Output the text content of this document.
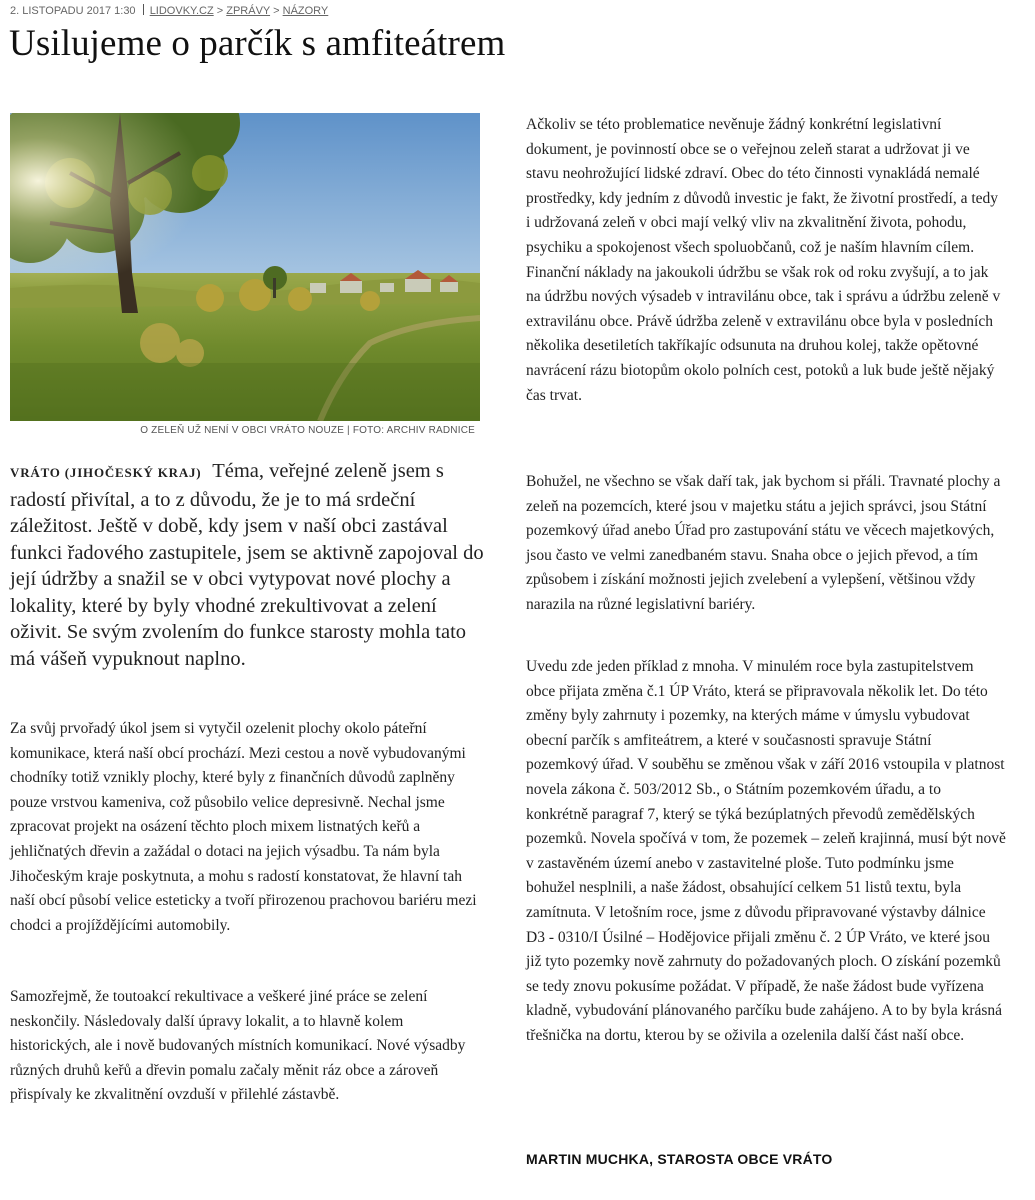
2. LISTOPADU 2017 1:30 LIDOVKY.CZ > ZPRÁVY > NÁZORY
Usilujeme o parčík s amfiteátrem
O ZELEŇ UŽ NENÍ V OBCI VRÁTO NOUZE | FOTO: ARCHIV RADNICE
VRÁTO (JIHOČESKÝ KRAJ) Téma, veřejné zeleně jsem s radostí přivítal, a to z důvodu, že je to má srdeční záležitost. Ještě v době, kdy jsem v naší obci zastával funkci řadového zastupitele, jsem se aktivně zapojoval do její údržby a snažil se v obci vytypovat nové plochy a lokality, které by byly vhodné zrekultivovat a zelení oživit. Se svým zvolením do funkce starosty mohla tato má vášeň vypuknout naplno.

Za svůj prvořadý úkol jsem si vytyčil ozelenit plochy okolo páteřní komunikace, která naší obcí prochází. Mezi cestou a nově vybudovanými chodníky totiž vznikly plochy, které byly z finančních důvodů zaplněny pouze vrstvou kameniva, což působilo velice depresivně. Nechal jsme zpracovat projekt na osázení těchto ploch mixem listnatých keřů a jehličnatých dřevin a zažádal o dotaci na jejich výsadbu. Ta nám byla Jihočeským kraje poskytnuta, a mohu s radostí konstatovat, že hlavní tah naší obcí působí velice esteticky a tvoří přirozenou prachovou bariéru mezi chodci a projíždějícími automobily.

Samozřejmě, že toutoakcí rekultivace a veškeré jiné práce se zelení neskončily. Následovaly další úpravy lokalit, a to hlavně kolem historických, ale i nově budovaných místních komunikací. Nové výsadby různých druhů keřů a dřevin pomalu začaly měnit ráz obce a zároveň přispívaly ke zkvalitnění ovzduší v přilehlé zástavbě.

Ačkoliv se této problematice nevěnuje žádný konkrétní legislativní dokument, je povinností obce se o veřejnou zeleň starat a udržovat ji ve stavu neohrožující lidské zdraví. Obec do této činnosti vynakládá nemalé prostředky, kdy jedním z důvodů investic je fakt, že životní prostředí, a tedy i udržovaná zeleň v obci mají velký vliv na zkvalitnění života, pohodu, psychiku a spokojenost všech spoluobčanů, což je naším hlavním cílem. Finanční náklady na jakoukoli údržbu se však rok od roku zvyšují, a to jak na údržbu nových výsadeb v intravilánu obce, tak i správu a údržbu zeleně v extravilánu obce. Právě údržba zeleně v extravilánu obce byla v posledních několika desetiletích takříkajíc odsunuta na druhou kolej, takže opětovné navrácení rázu biotopům okolo polních cest, potoků a luk bude ještě nějaký čas trvat.

Bohužel, ne všechno se však daří tak, jak bychom si přáli. Travnaté plochy a zeleň na pozemcích, které jsou v majetku státu a jejich správci, jsou Státní pozemkový úřad anebo Úřad pro zastupování státu ve věcech majetkových, jsou často ve velmi zanedbaném stavu. Snaha obce o jejich převod, a tím způsobem i získání možnosti jejich zvelebení a vylepšení, většinou vždy narazila na různé legislativní bariéry.

Uvedu zde jeden příklad z mnoha. V minulém roce byla zastupitelstvem obce přijata změna č.1 ÚP Vráto, která se připravovala několik let. Do této změny byly zahrnuty i pozemky, na kterých máme v úmyslu vybudovat obecní parčík s amfiteátrem, a které v současnosti spravuje Státní pozemkový úřad. V souběhu se změnou však v září 2016 vstoupila v platnost novela zákona č. 503/2012 Sb., o Státním pozemkovém úřadu, a to konkrétně paragraf 7, který se týká bezúplatných převodů zemědělských pozemků. Novela spočívá v tom, že pozemek – zeleň krajinná, musí být nově v zastavěném území anebo v zastavitelné ploše. Tuto podmínku jsme bohužel nesplnili, a naše žádost, obsahující celkem 51 listů textu, byla zamítnuta. V letošním roce, jsme z důvodu připravované výstavby dálnice D3 - 0310/I Úsilné – Hodějovice přijali změnu č. 2 ÚP Vráto, ve které jsou již tyto pozemky nově zahrnuty do požadovaných ploch. O získání pozemků se tedy znovu pokusíme požádat. V případě, že naše žádost bude vyřízena kladně, vybudování plánovaného parčíku bude zahájeno. A to by byla krásná třešnička na dortu, kterou by se oživila a ozelenila další část naší obce.

MARTIN MUCHKA, STAROSTA OBCE VRÁTO
